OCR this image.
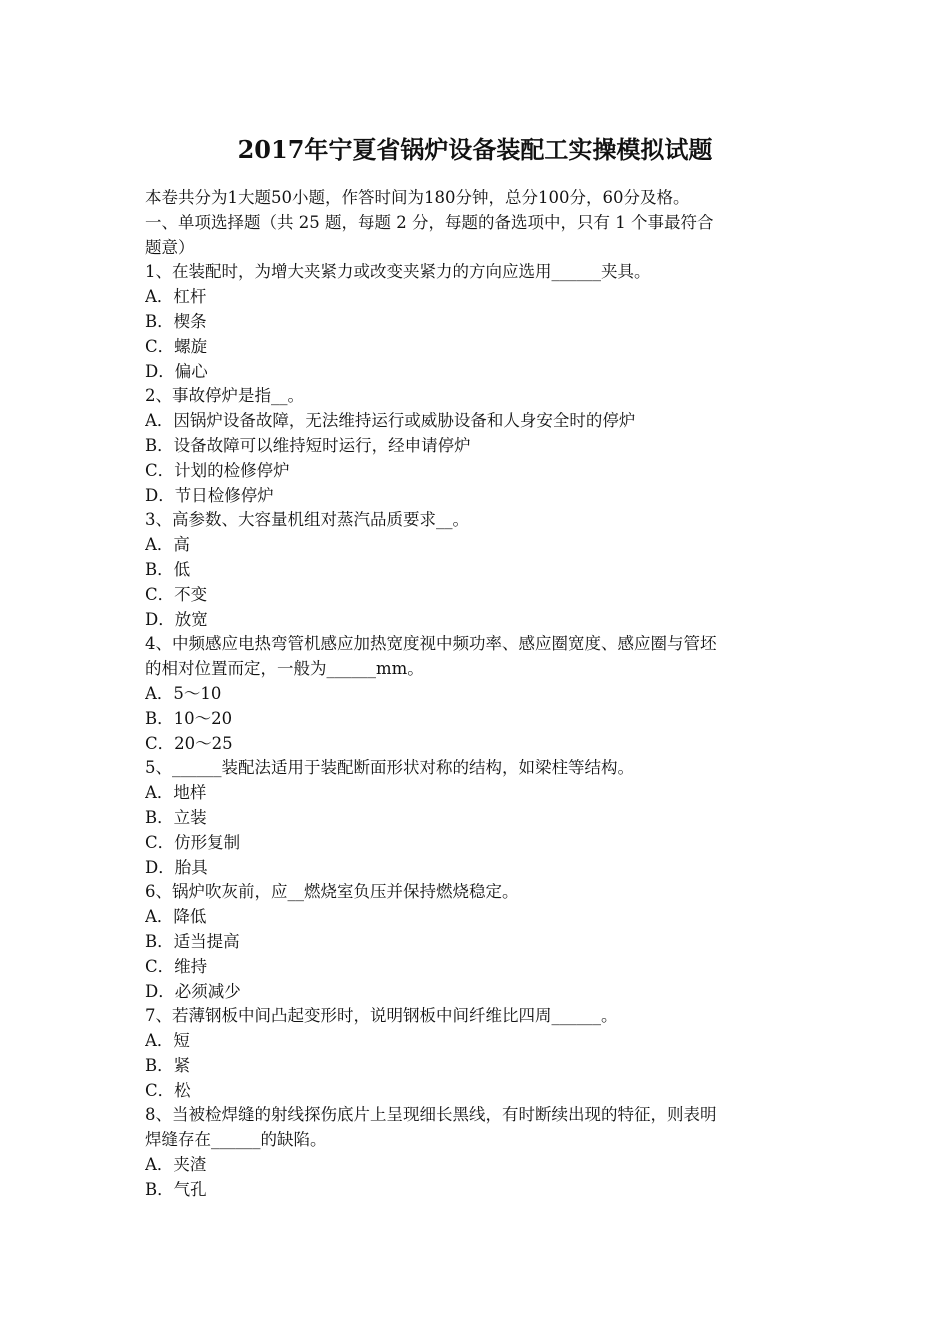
2017年宁夏省锅炉设备装配工实操模拟试题
本卷共分为1大题50小题，作答时间为180分钟，总分100分，60分及格。
一、单项选择题（共 25 题，每题 2 分，每题的备选项中，只有 1 个事最符合
题意）
1、在装配时，为增大夹紧力或改变夹紧力的方向应选用______夹具。
A．杠杆
B．楔条
C．螺旋
D．偏心
2、事故停炉是指__。
A．因锅炉设备故障，无法维持运行或威胁设备和人身安全时的停炉
B．设备故障可以维持短时运行，经申请停炉
C．计划的检修停炉
D．节日检修停炉
3、高参数、大容量机组对蒸汽品质要求__。
A．高
B．低
C．不变
D．放宽
4、中频感应电热弯管机感应加热宽度视中频功率、感应圈宽度、感应圈与管坯
的相对位置而定，一般为______mm。
A．5～10
B．10～20
C．20～25
5、______装配法适用于装配断面形状对称的结构，如梁柱等结构。
A．地样
B．立装
C．仿形复制
D．胎具
6、锅炉吹灰前，应__燃烧室负压并保持燃烧稳定。
A．降低
B．适当提高
C．维持
D．必须减少
7、若薄钢板中间凸起变形时，说明钢板中间纤维比四周______。
A．短
B．紧
C．松
8、当被检焊缝的射线探伤底片上呈现细长黑线，有时断续出现的特征，则表明
焊缝存在______的缺陷。
A．夹渣
B．气孔
